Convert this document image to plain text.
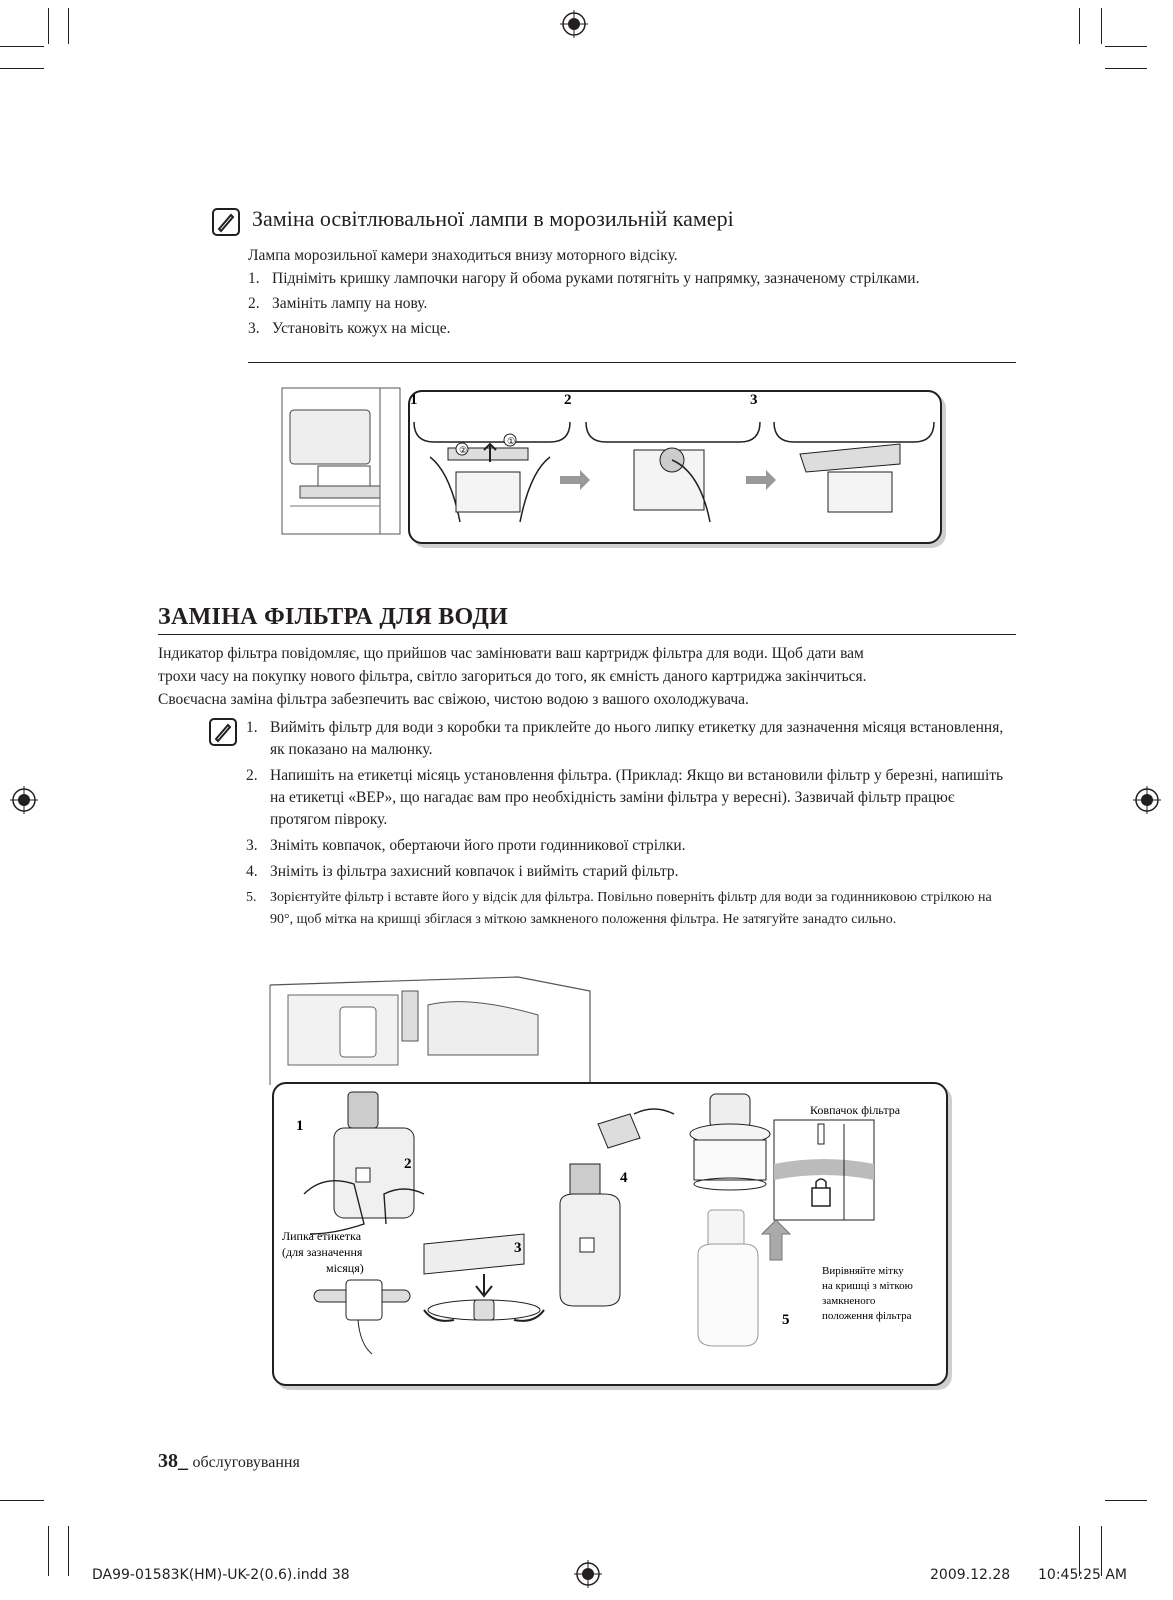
Заміна освітлювальної лампи в морозильній камері
Лампа морозильної камери знаходиться внизу моторного відсіку.
1. Підніміть кришку лампочки нагору й обома руками потягніть у напрямку, зазначеному стрілками.
2. Замініть лампу на нову.
3. Установіть кожух на місце.
②
①
1	2	3
ЗАМІНА ФІЛЬТРА ДЛЯ ВОДИ
Індикатор фільтра повідомляє, що прийшов час замінювати ваш картридж фільтра для води. Щоб дати вам
трохи часу на покупку нового фільтра, світло загориться до того, як ємність даного картриджа закінчиться.
Своєчасна заміна фільтра забезпечить вас свіжою, чистою водою з вашого охолоджувача.
1. Вийміть фільтр для води з коробки та приклейте до нього липку етикетку для зазначення місяця встановлення, як показано на малюнку.
2. Напишіть на етикетці місяць установлення фільтра. (Приклад: Якщо ви встановили фільтр у березні, напишіть на етикетці «BEP», що нагадає вам про необхідність заміни фільтра у вересні). Зазвичай фільтр працює протягом півроку.
3. Зніміть ковпачок, обертаючи його проти годинникової стрілки.
4. Зніміть із фільтра захисний ковпачок і вийміть старий фільтр.
5. Зорієнтуйте фільтр і вставте його у відсік для фільтра. Повільно поверніть фільтр для води за годинниковою стрілкою на 90°, щоб мітка на кришці збіглася з міткою замкненого положення фільтра. Не затягуйте занадто сильно.
1
2
3
4
5
Липка етикетка
(для зазначення
місяця)
Ковпачок фільтра
Вирівняйте мітку
на кришці з міткою
замкненого
положення фільтра
38_ обслуговування
DA99-01583K(HM)-UK-2(0.6).indd 38	2009.12.28 10:45:25 AM
